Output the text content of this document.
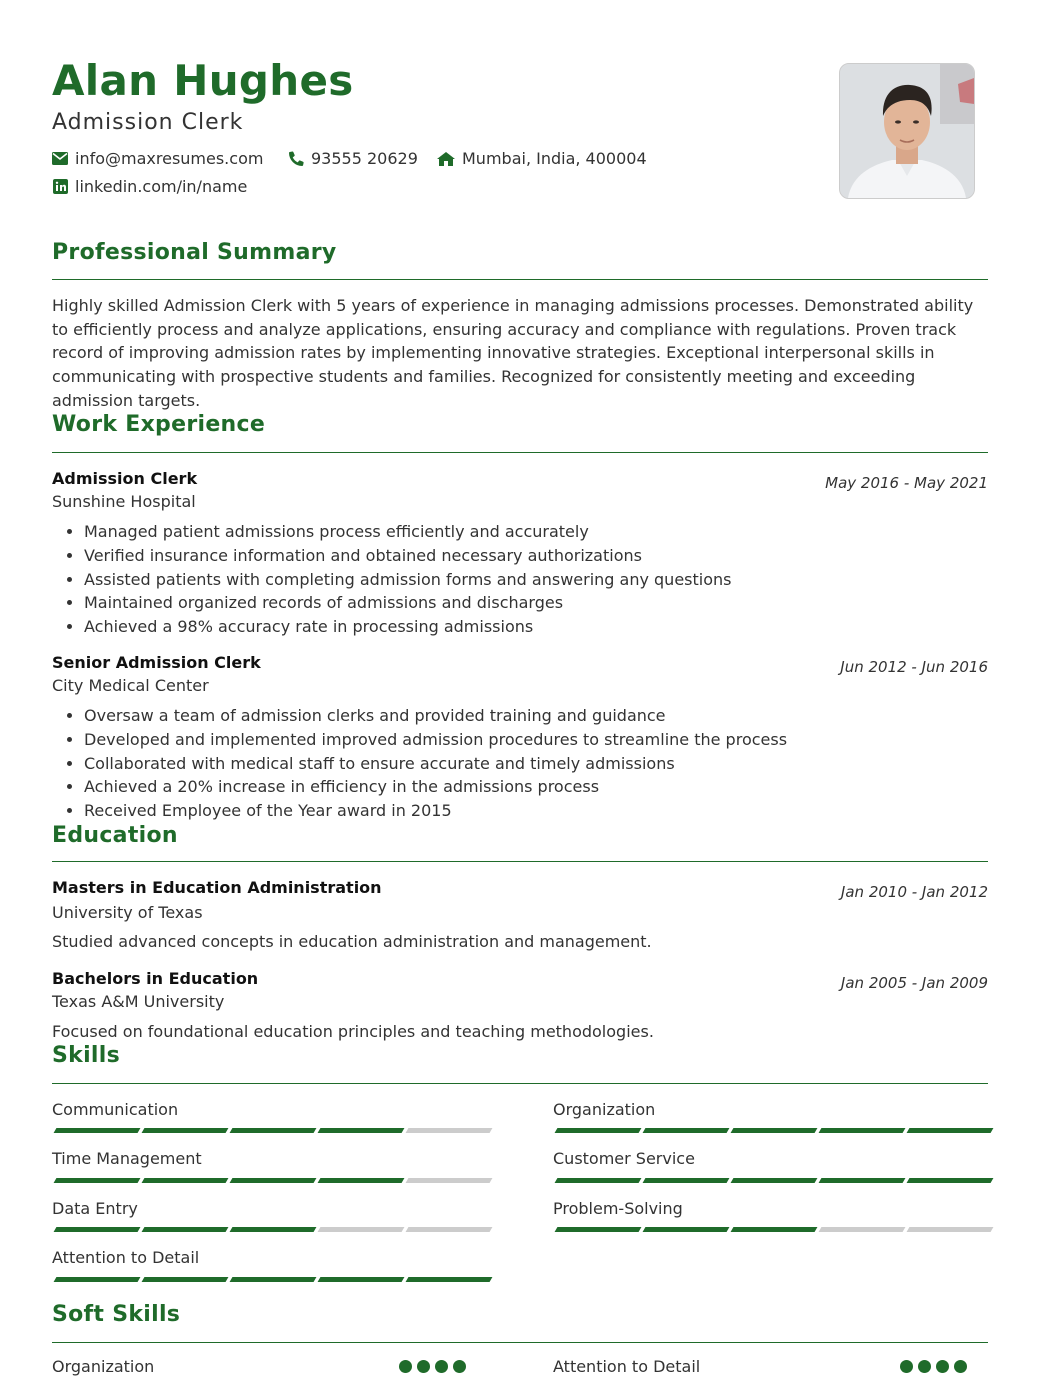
Alan Hughes
Admission Clerk
info@maxresumes.com	93555 20629	Mumbai, India, 400004
linkedin.com/in/name
Professional Summary
Highly skilled Admission Clerk with 5 years of experience in managing admissions processes. Demonstrated ability to efficiently process and analyze applications, ensuring accuracy and compliance with regulations. Proven track record of improving admission rates by implementing innovative strategies. Exceptional interpersonal skills in communicating with prospective students and families. Recognized for consistently meeting and exceeding admission targets.
Work Experience
Admission Clerk	May 2016 - May 2021
Sunshine Hospital
• Managed patient admissions process efficiently and accurately
• Verified insurance information and obtained necessary authorizations
• Assisted patients with completing admission forms and answering any questions
• Maintained organized records of admissions and discharges
• Achieved a 98% accuracy rate in processing admissions
Senior Admission Clerk	Jun 2012 - Jun 2016
City Medical Center
• Oversaw a team of admission clerks and provided training and guidance
• Developed and implemented improved admission procedures to streamline the process
• Collaborated with medical staff to ensure accurate and timely admissions
• Achieved a 20% increase in efficiency in the admissions process
• Received Employee of the Year award in 2015
Education
Masters in Education Administration	Jan 2010 - Jan 2012
University of Texas
Studied advanced concepts in education administration and management.
Bachelors in Education	Jan 2005 - Jan 2009
Texas A&M University
Focused on foundational education principles and teaching methodologies.
Skills
Communication	Organization
Time Management	Customer Service
Data Entry	Problem-Solving
Attention to Detail
Soft Skills
Organization	Attention to Detail
